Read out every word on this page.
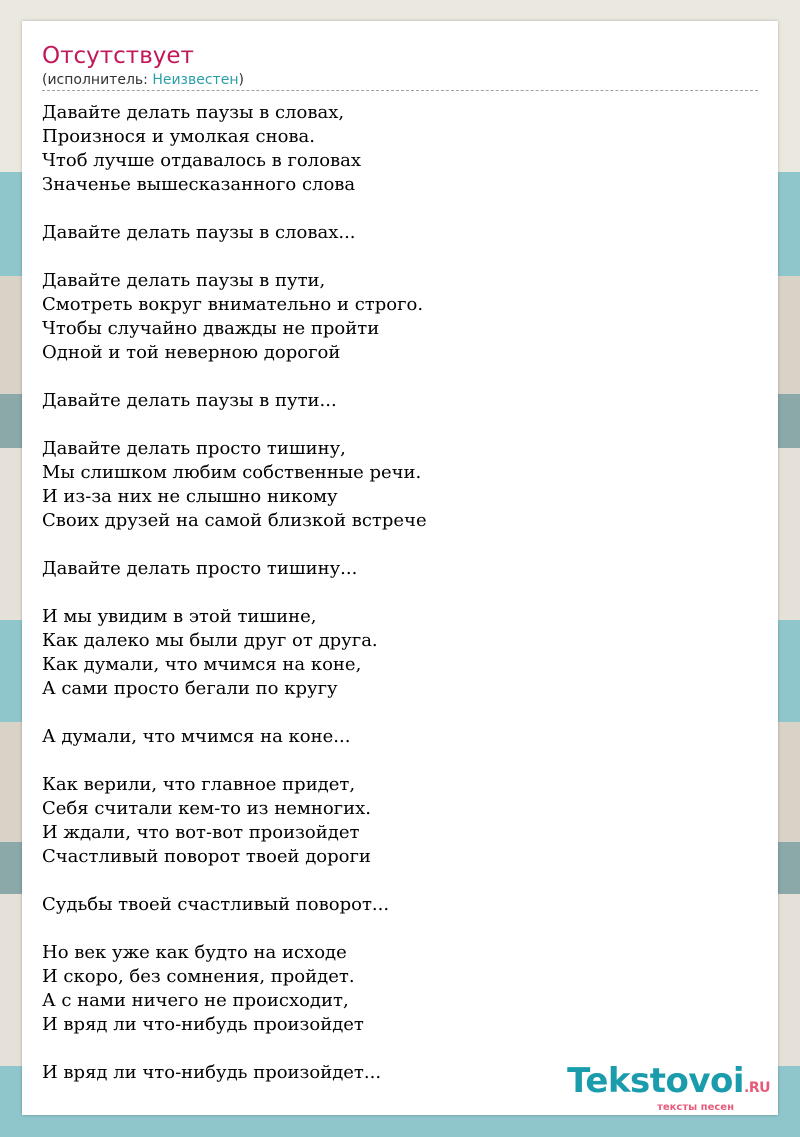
Отсутствует
(исполнитель: Неизвестен)
Давайте делать паузы в словах,
Произнося и умолкая снова.
Чтоб лучше отдавалось в головах
Значенье вышесказанного слова
Давайте делать паузы в словах...
Давайте делать паузы в пути,
Смотреть вокруг внимательно и строго.
Чтобы случайно дважды не пройти
Одной и той неверною дорогой
Давайте делать паузы в пути...
Давайте делать просто тишину,
Мы слишком любим собственные речи.
И из-за них не слышно никому
Своих друзей на самой близкой встрече
Давайте делать просто тишину...
И мы увидим в этой тишине,
Как далеко мы были друг от друга.
Как думали, что мчимся на коне,
А сами просто бегали по кругу
А думали, что мчимся на коне...
Как верили, что главное придет,
Себя считали кем-то из немногих.
И ждали, что вот-вот произойдет
Счастливый поворот твоей дороги
Судьбы твоей счастливый поворот...
Но век уже как будто на исходе
И скоро, без сомнения, пройдет.
А с нами ничего не происходит,
И вряд ли что-нибудь произойдет
И вряд ли что-нибудь произойдет...	Tekstovoi.RU
тексты песен
